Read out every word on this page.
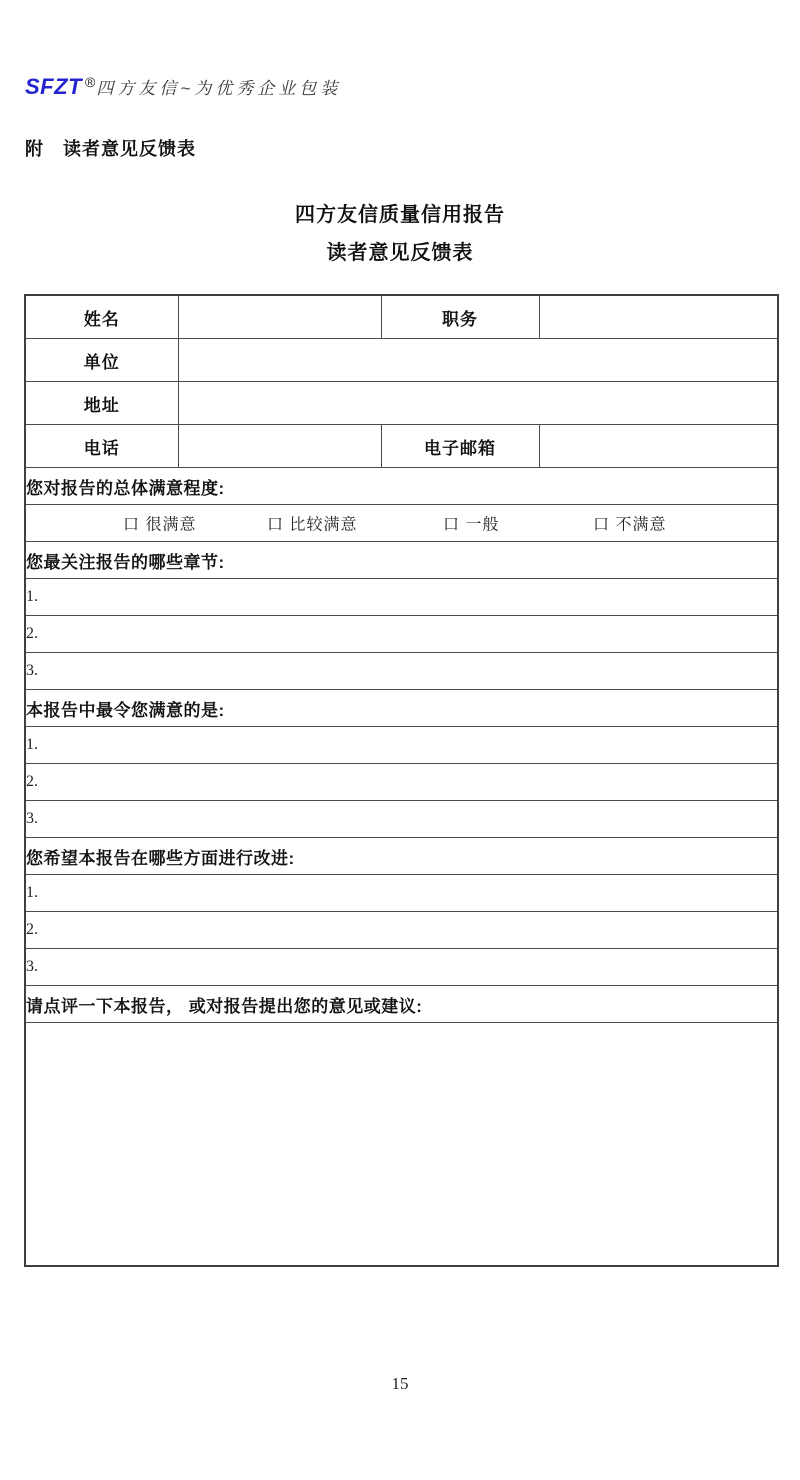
SFZT ®四方友信~为优秀企业包装
附　读者意见反馈表
四方友信质量信用报告
读者意见反馈表
姓名		职务	
单位			
地址			
电话		电子邮箱	
您对报告的总体满意程度:			

口 很满意 口 比较满意 口 一般 口 不满意			

您最关注报告的哪些章节:			
1.			
2.			
3.			
本报告中最令您满意的是:			
1.			
2.			
3.			
您希望本报告在哪些方面进行改进:			
1.			
2.			
3.			
请点评一下本报告， 或对报告提出您的意见或建议:			

15
